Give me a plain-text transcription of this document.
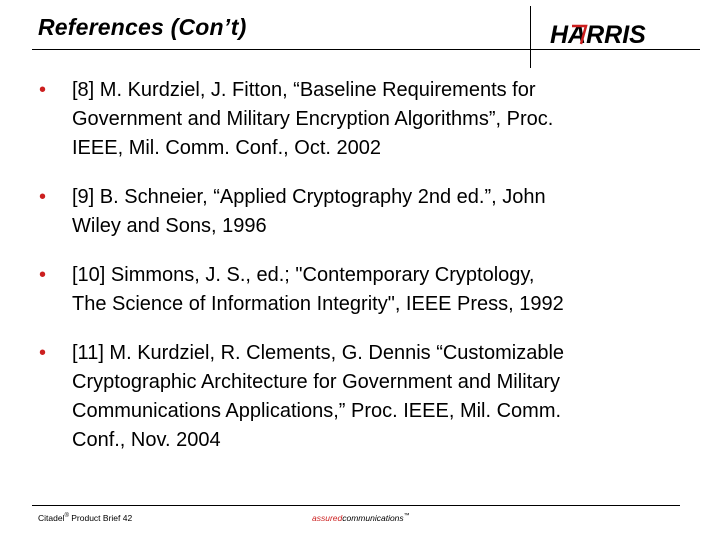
References (Con’t)	HARRIS
• [8] M. Kurdziel, J. Fitton, “Baseline Requirements for
Government and Military Encryption Algorithms”, Proc.
IEEE, Mil. Comm. Conf., Oct. 2002
• [9] B. Schneier, “Applied Cryptography 2nd ed.”, John
Wiley and Sons, 1996
• [10] Simmons, J. S., ed.; "Contemporary Cryptology,
The Science of Information Integrity", IEEE Press, 1992
• [11] M. Kurdziel, R. Clements, G. Dennis “Customizable
Cryptographic Architecture for Government and Military
Communications Applications,” Proc. IEEE, Mil. Comm.
Conf., Nov. 2004
Citadel® Product Brief 42	assuredcommunications™
